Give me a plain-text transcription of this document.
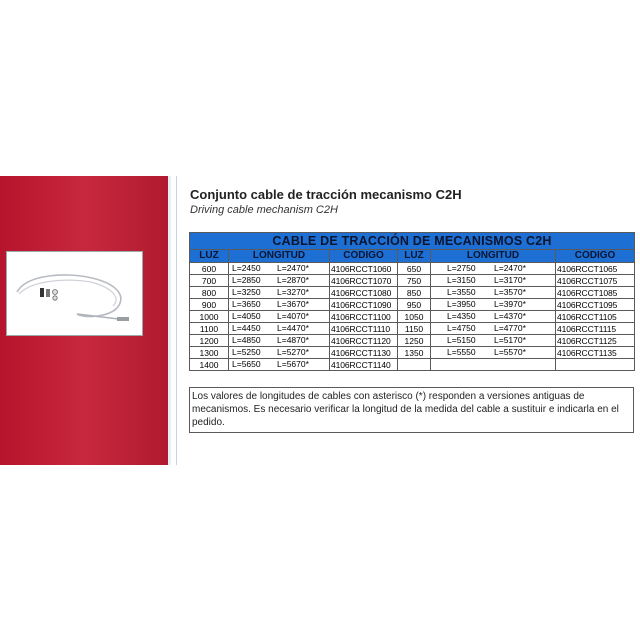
Conjunto cable de tracción mecanismo C2H
Driving cable mechanism C2H
CABLE DE TRACCIÓN DE MECANISMOS C2H					
LUZ	LONGITUD	CÓDIGO	LUZ	LONGITUD	CÓDIGO
600	L=2450 L=2470*	4106RCCT1060	650	L=2750 L=2470*	4106RCCT1065
700	L=2850 L=2870*	4106RCCT1070	750	L=3150 L=3170*	4106RCCT1075
800	L=3250 L=3270*	4106RCCT1080	850	L=3550 L=3570*	4106RCCT1085
900	L=3650 L=3670*	4106RCCT1090	950	L=3950 L=3970*	4106RCCT1095
1000	L=4050 L=4070*	4106RCCT1100	1050	L=4350 L=4370*	4106RCCT1105
1100	L=4450 L=4470*	4106RCCT1110	1150	L=4750 L=4770*	4106RCCT1115
1200	L=4850 L=4870*	4106RCCT1120	1250	L=5150 L=5170*	4106RCCT1125
1300	L=5250 L=5270*	4106RCCT1130	1350	L=5550 L=5570*	4106RCCT1135
1400	L=5650 L=5670*	4106RCCT1140		

Los valores de longitudes de cables con asterisco (*) responden a versiones antiguas de mecanismos. Es necesario verificar la longitud de la medida del cable a sustituir e indicarla en el pedido.
